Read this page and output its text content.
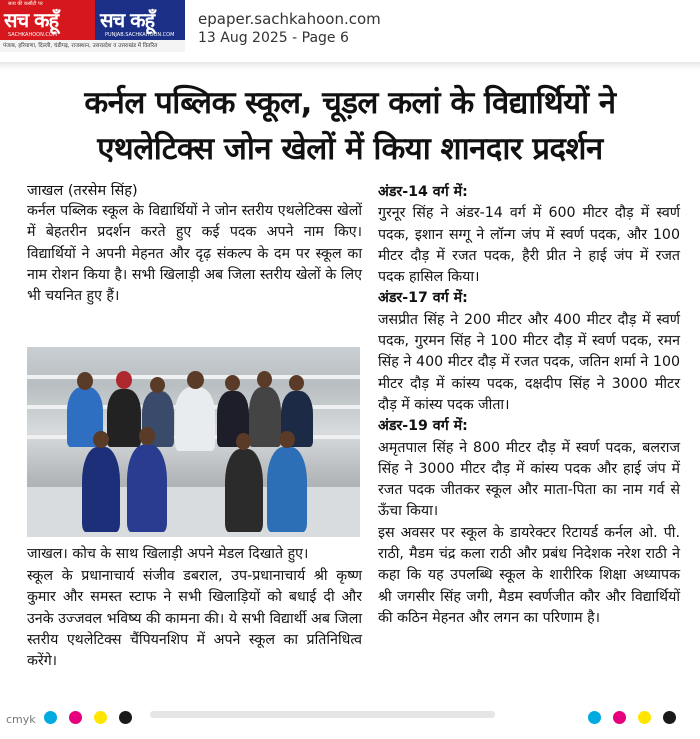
सत्य की कसौटी पर
सच कहूँ
SACHKAHOON.COM
सच कहूँ
PUNJAB.SACHKAHOON.COM
पंजाब, हरियाणा, दिल्ली, चंडीगढ़, राजस्थान, उत्तरप्रदेश व उत्तराखंड में वितरित
epaper.sachkahoon.com
13 Aug 2025 - Page 6
कर्नल पब्लिक स्कूल, चूड़ल कलां के विद्यार्थियों ने
एथलेटिक्स जोन खेलों में किया शानदार प्रदर्शन
जाखल (तरसेम सिंह)
कर्नल पब्लिक स्कूल के विद्यार्थियों ने जोन स्तरीय एथलेटिक्स खेलों में बेहतरीन प्रदर्शन करते हुए कई पदक अपने नाम किए। विद्यार्थियों ने अपनी मेहनत और दृढ़ संकल्प के दम पर स्कूल का नाम रोशन किया है। सभी खिलाड़ी अब जिला स्तरीय खेलों के लिए भी चयनित हुए हैं।
जाखल। कोच के साथ खिलाड़ी अपने मेडल दिखाते हुए।
स्कूल के प्रधानाचार्य संजीव डबराल, उप-प्रधानाचार्य श्री कृष्ण कुमार और समस्त स्टाफ ने सभी खिलाड़ियों को बधाई दी और उनके उज्जवल भविष्य की कामना की। ये सभी विद्यार्थी अब जिला स्तरीय एथलेटिक्स चैंपियनशिप में अपने स्कूल का प्रतिनिधित्व करेंगे।
अंडर-14 वर्ग में:

गुरनूर सिंह ने अंडर-14 वर्ग में 600 मीटर दौड़ में स्वर्ण पदक, इशान सग्गू ने लॉन्ग जंप में स्वर्ण पदक, और 100 मीटर दौड़ में रजत पदक, हैरी प्रीत ने हाई जंप में रजत पदक हासिल किया।

अंडर-17 वर्ग में:

जसप्रीत सिंह ने 200 मीटर और 400 मीटर दौड़ में स्वर्ण पदक, गुरमन सिंह ने 100 मीटर दौड़ में स्वर्ण पदक, रमन सिंह ने 400 मीटर दौड़ में रजत पदक, जतिन शर्मा ने 100 मीटर दौड़ में कांस्य पदक, दक्षदीप सिंह ने 3000 मीटर दौड़ में कांस्य पदक जीता।

अंडर-19 वर्ग में:

अमृतपाल सिंह ने 800 मीटर दौड़ में स्वर्ण पदक, बलराज सिंह ने 3000 मीटर दौड़ में कांस्य पदक और हाई जंप में रजत पदक जीतकर स्कूल और माता-पिता का नाम गर्व से ऊँचा किया।

इस अवसर पर स्कूल के डायरेक्टर रिटायर्ड कर्नल ओ. पी. राठी, मैडम चंद्र कला राठी और प्रबंध निदेशक नरेश राठी ने कहा कि यह उपलब्धि स्कूल के शारीरिक शिक्षा अध्यापक श्री जगसीर सिंह जगी, मैडम स्वर्णजीत कौर और विद्यार्थियों की कठिन मेहनत और लगन का परिणाम है।

cmyk
